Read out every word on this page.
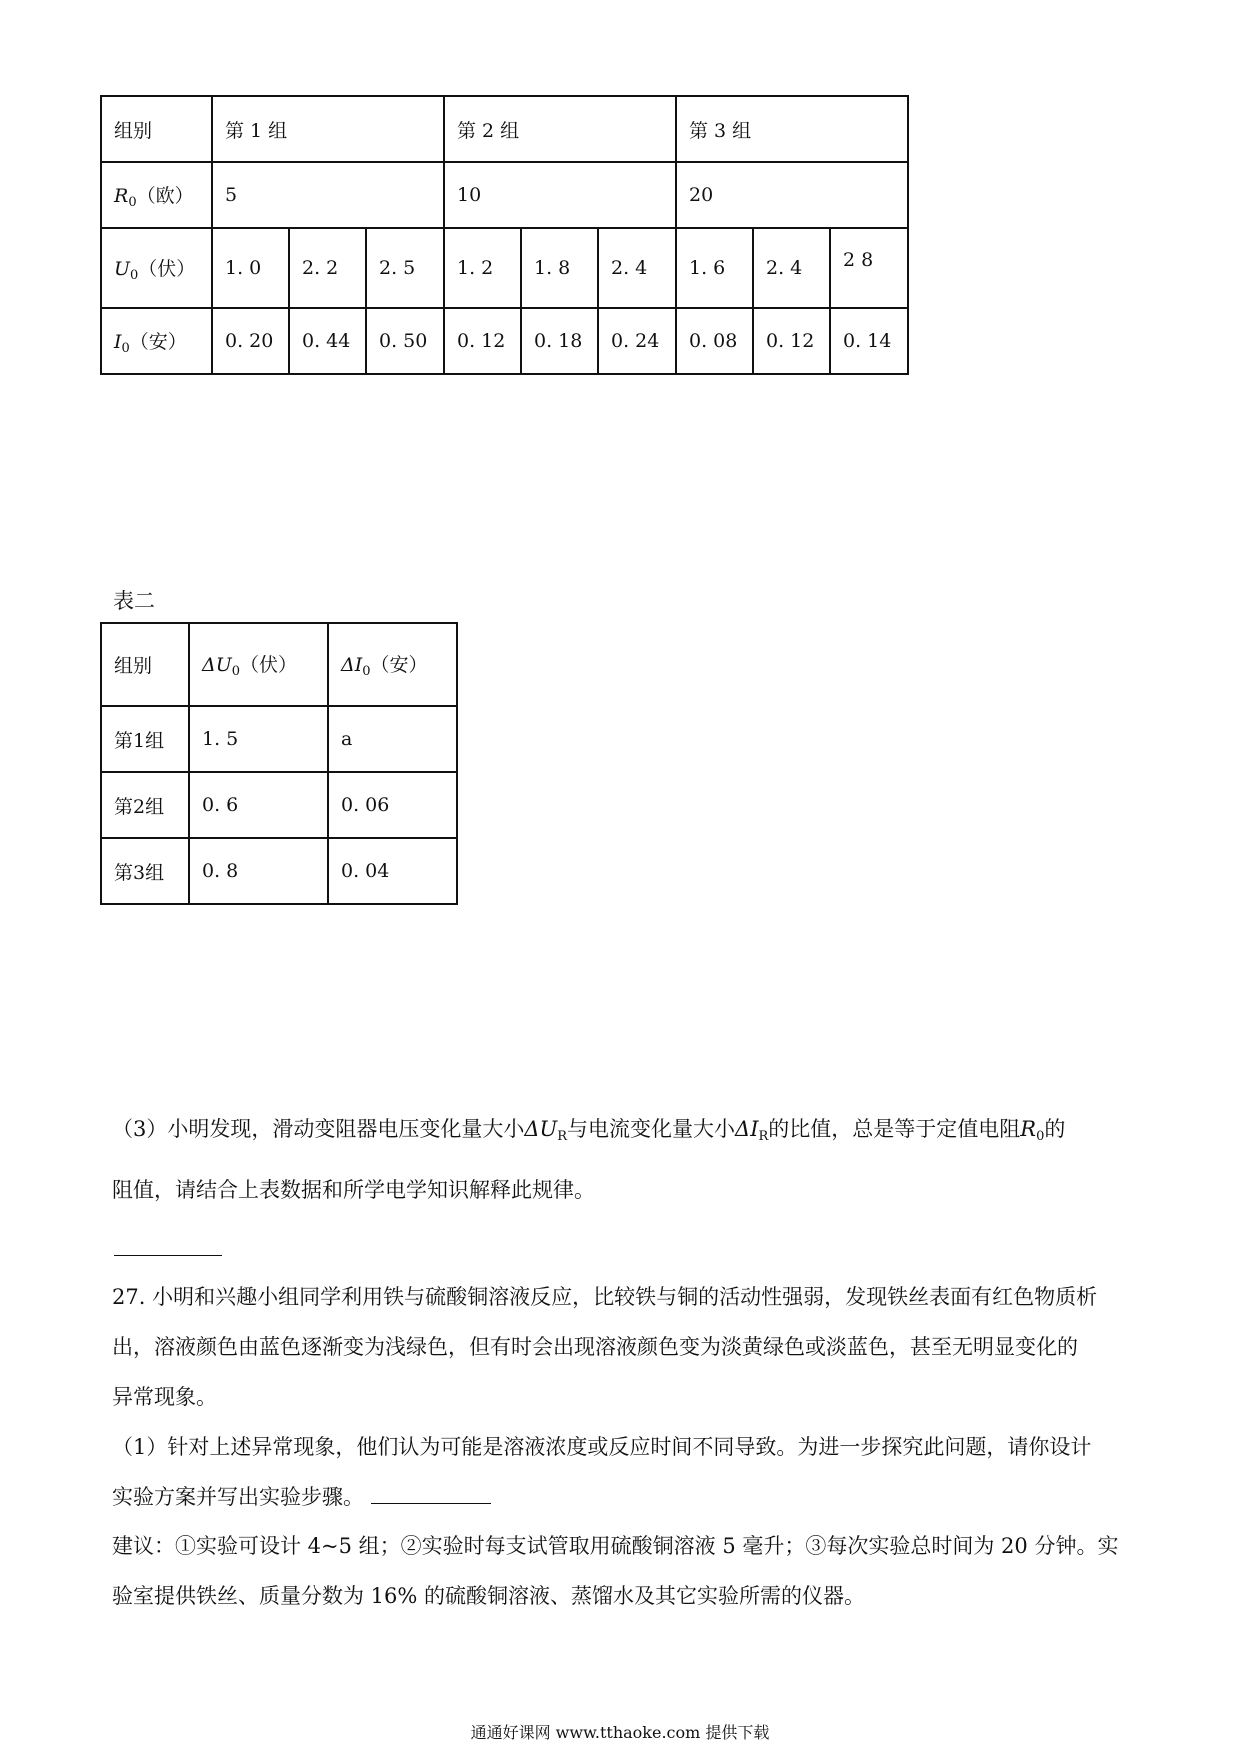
组别	第 1 组			第 2 组			第 3 组		
$R_0$（欧）	5			10			20		
$U_0$（伏）	1. 0	2. 2	2. 5	1. 2	1. 8	2. 4	1. 6	2. 4	2 8
$I_0$（安）	0. 20	0. 44	0. 50	0. 12	0. 18	0. 24	0. 08	0. 12	0. 14
表二
组别	$\Delta U_0$（伏）	$\Delta I_0$（安）
第1组	1. 5	a
第2组	0. 6	0. 06
第3组	0. 8	0. 04
（3）小明发现，滑动变阻器电压变化量大小$\Delta U_R$与电流变化量大小$\Delta I_R$的比值，总是等于定值电阻$R_0$的
阻值，请结合上表数据和所学电学知识解释此规律。
27. 小明和兴趣小组同学利用铁与硫酸铜溶液反应，比较铁与铜的活动性强弱，发现铁丝表面有红色物质析
出，溶液颜色由蓝色逐渐变为浅绿色，但有时会出现溶液颜色变为淡黄绿色或淡蓝色，甚至无明显变化的
异常现象。
（1）针对上述异常现象，他们认为可能是溶液浓度或反应时间不同导致。为进一步探究此问题，请你设计
实验方案并写出实验步骤。
建议：①实验可设计 4~5 组；②实验时每支试管取用硫酸铜溶液 5 毫升；③每次实验总时间为 20 分钟。实
验室提供铁丝、质量分数为 16% 的硫酸铜溶液、蒸馏水及其它实验所需的仪器。
通通好课网 www.tthaoke.com 提供下载
